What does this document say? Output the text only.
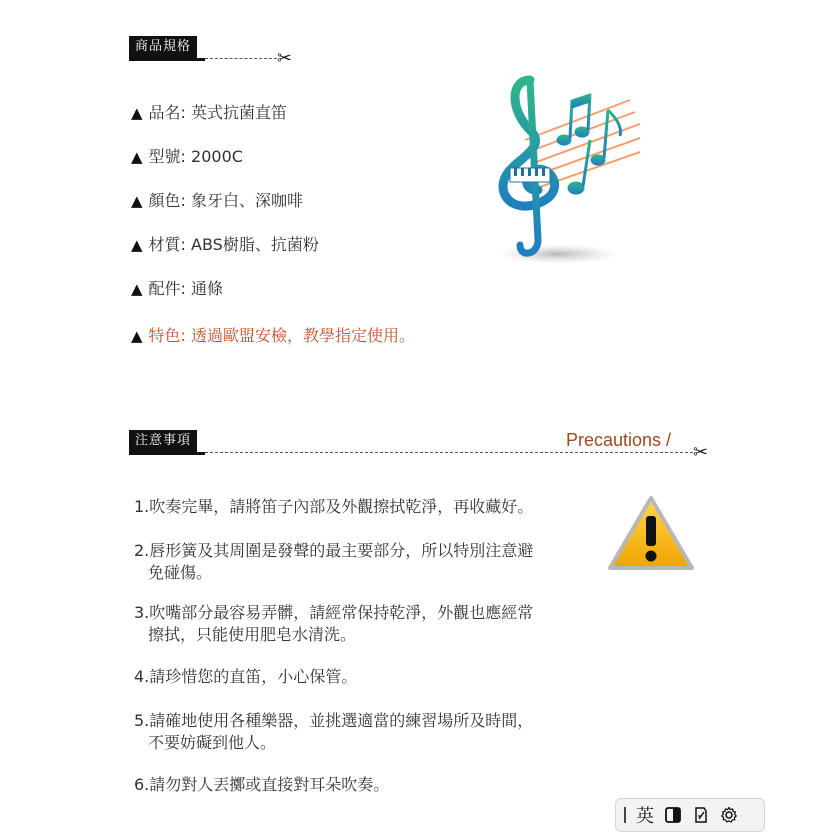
商品規格
✂
▲ 品名: 英式抗菌直笛
▲ 型號: 2000C
▲ 顏色: 象牙白、深咖啡
▲ 材質: ABS樹脂、抗菌粉
▲ 配件: 通條
▲ 特色: 透過歐盟安檢，教學指定使用。
注意事項
✂
Precautions /
1.吹奏完畢，請將笛子內部及外觀擦拭乾淨，再收藏好。
2.唇形簧及其周圍是發聲的最主要部分，所以特別注意避
免碰傷。
3.吹嘴部分最容易弄髒，請經常保持乾淨，外觀也應經常
擦拭，只能使用肥皂水清洗。
4.請珍惜您的直笛，小心保管。
5.請確地使用各種樂器，並挑選適當的練習場所及時間，
不要妨礙到他人。
6.請勿對人丟擲或直接對耳朵吹奏。
英
